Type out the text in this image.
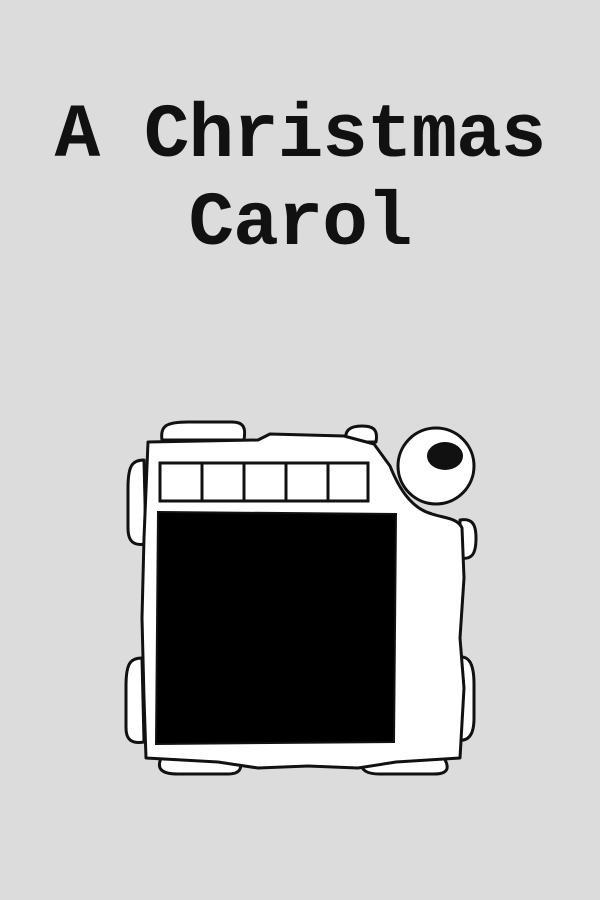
A Christmas
Carol
